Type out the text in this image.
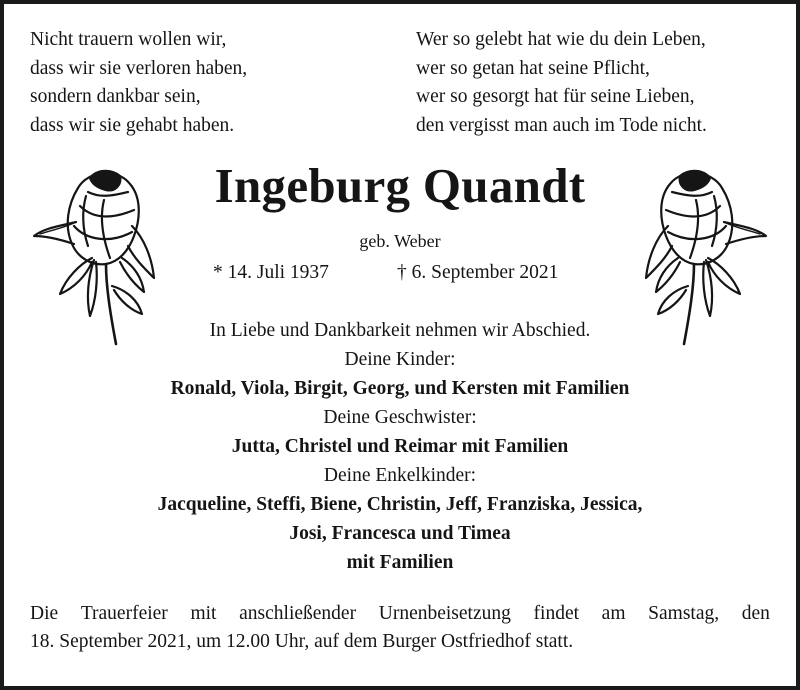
Nicht trauern wollen wir,
dass wir sie verloren haben,
sondern dankbar sein,
dass wir sie gehabt haben.
Wer so gelebt hat wie du dein Leben,
wer so getan hat seine Pflicht,
wer so gesorgt hat für seine Lieben,
den vergisst man auch im Tode nicht.
Ingeburg Quandt
geb. Weber
* 14. Juli 1937	† 6. September 2021
In Liebe und Dankbarkeit nehmen wir Abschied.
Deine Kinder:
Ronald, Viola, Birgit, Georg, und Kersten mit Familien
Deine Geschwister:
Jutta, Christel und Reimar mit Familien
Deine Enkelkinder:
Jacqueline, Steffi, Biene, Christin, Jeff, Franziska, Jessica,
Josi, Francesca und Timea
mit Familien
Die Trauerfeier mit anschließender Urnenbeisetzung findet am Samstag, den
18. September 2021, um 12.00 Uhr, auf dem Burger Ostfriedhof statt.
